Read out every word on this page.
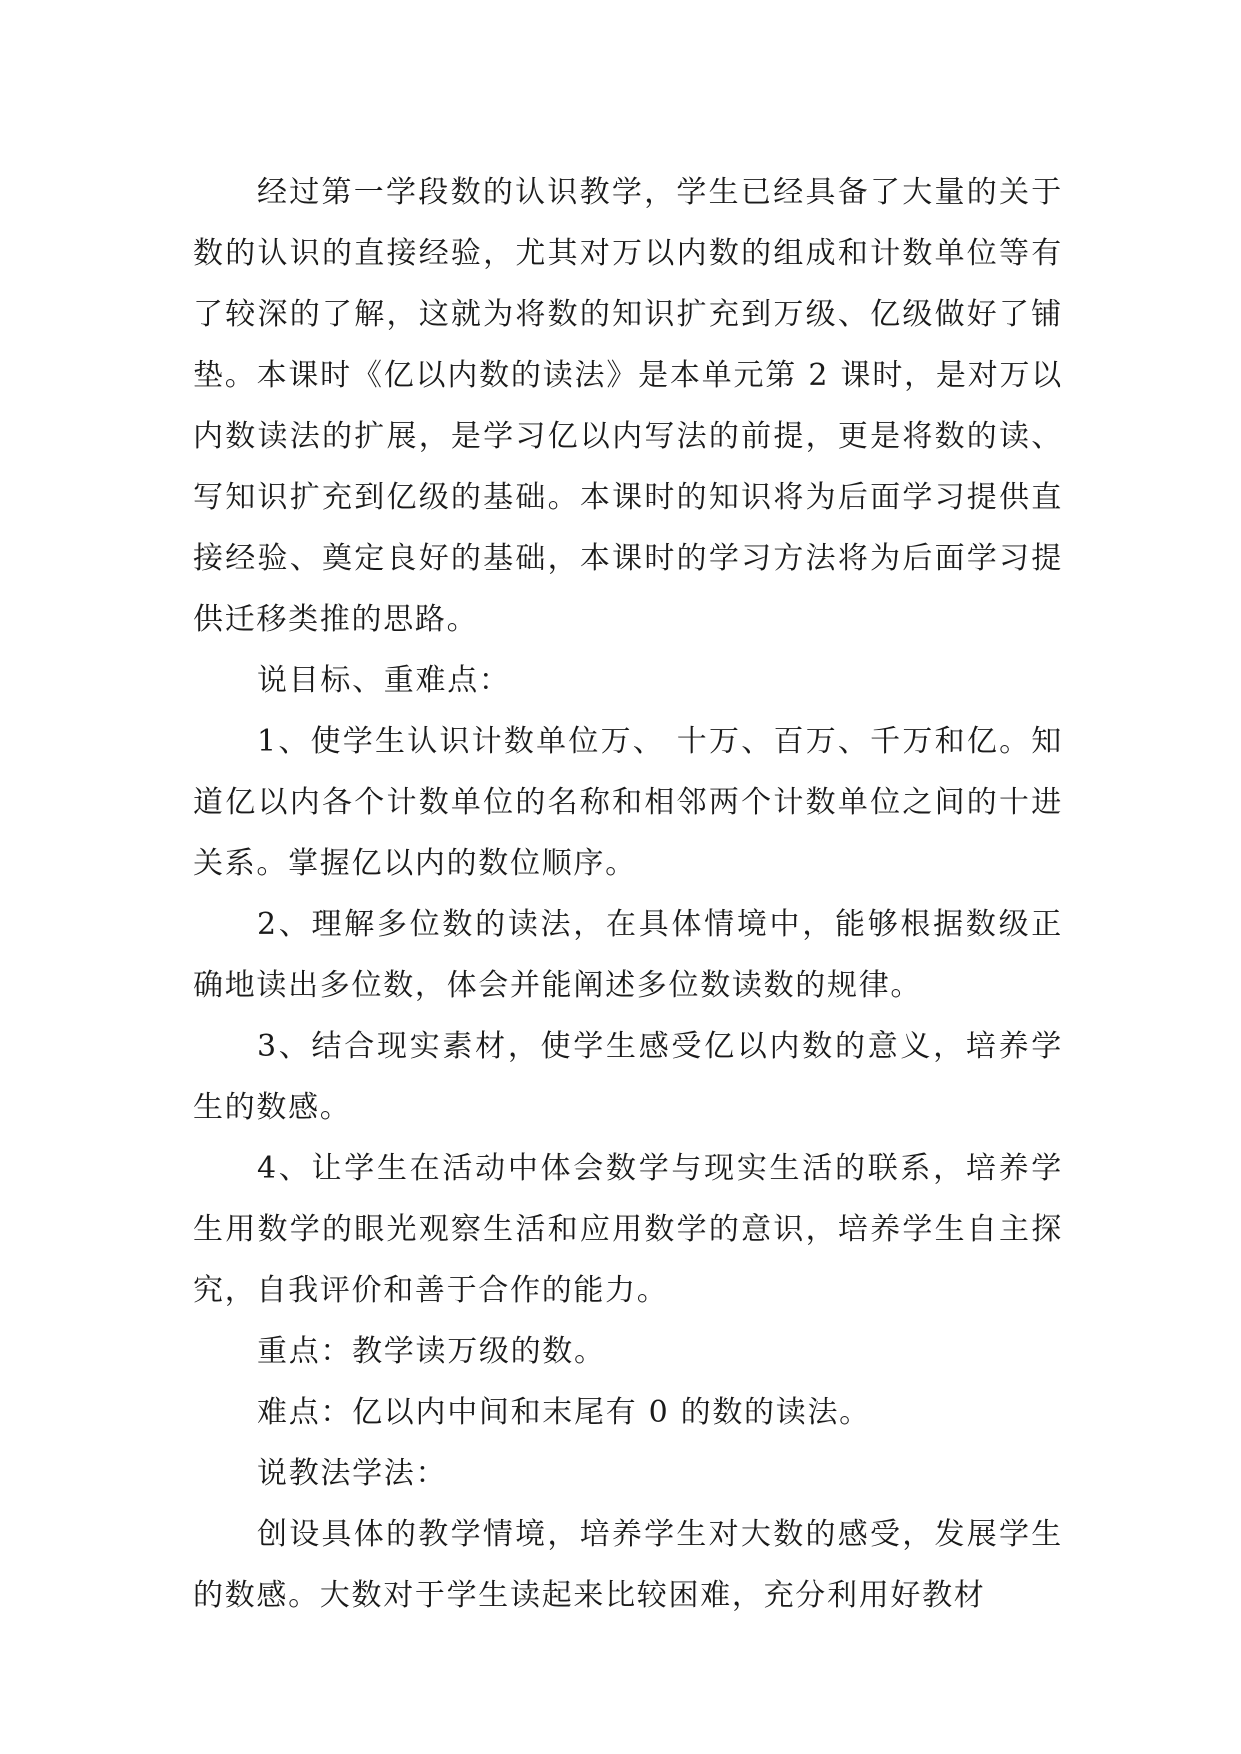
经过第一学段数的认识教学，学生已经具备了大量的关于数的认识的直接经验，尤其对万以内数的组成和计数单位等有了较深的了解，这就为将数的知识扩充到万级、亿级做好了铺垫。本课时《亿以内数的读法》是本单元第 2 课时，是对万以内数读法的扩展，是学习亿以内写法的前提，更是将数的读、写知识扩充到亿级的基础。本课时的知识将为后面学习提供直接经验、奠定良好的基础，本课时的学习方法将为后面学习提供迁移类推的思路。

说目标、重难点：

1、使学生认识计数单位万、 十万、百万、千万和亿。知道亿以内各个计数单位的名称和相邻两个计数单位之间的十进关系。掌握亿以内的数位顺序。

2、理解多位数的读法，在具体情境中，能够根据数级正确地读出多位数，体会并能阐述多位数读数的规律。

3、结合现实素材，使学生感受亿以内数的意义，培养学生的数感。

4、让学生在活动中体会数学与现实生活的联系，培养学生用数学的眼光观察生活和应用数学的意识，培养学生自主探究，自我评价和善于合作的能力。

重点：教学读万级的数。

难点：亿以内中间和末尾有 0 的数的读法。

说教法学法：

创设具体的教学情境，培养学生对大数的感受，发展学生的数感。大数对于学生读起来比较困难，充分利用好教材
